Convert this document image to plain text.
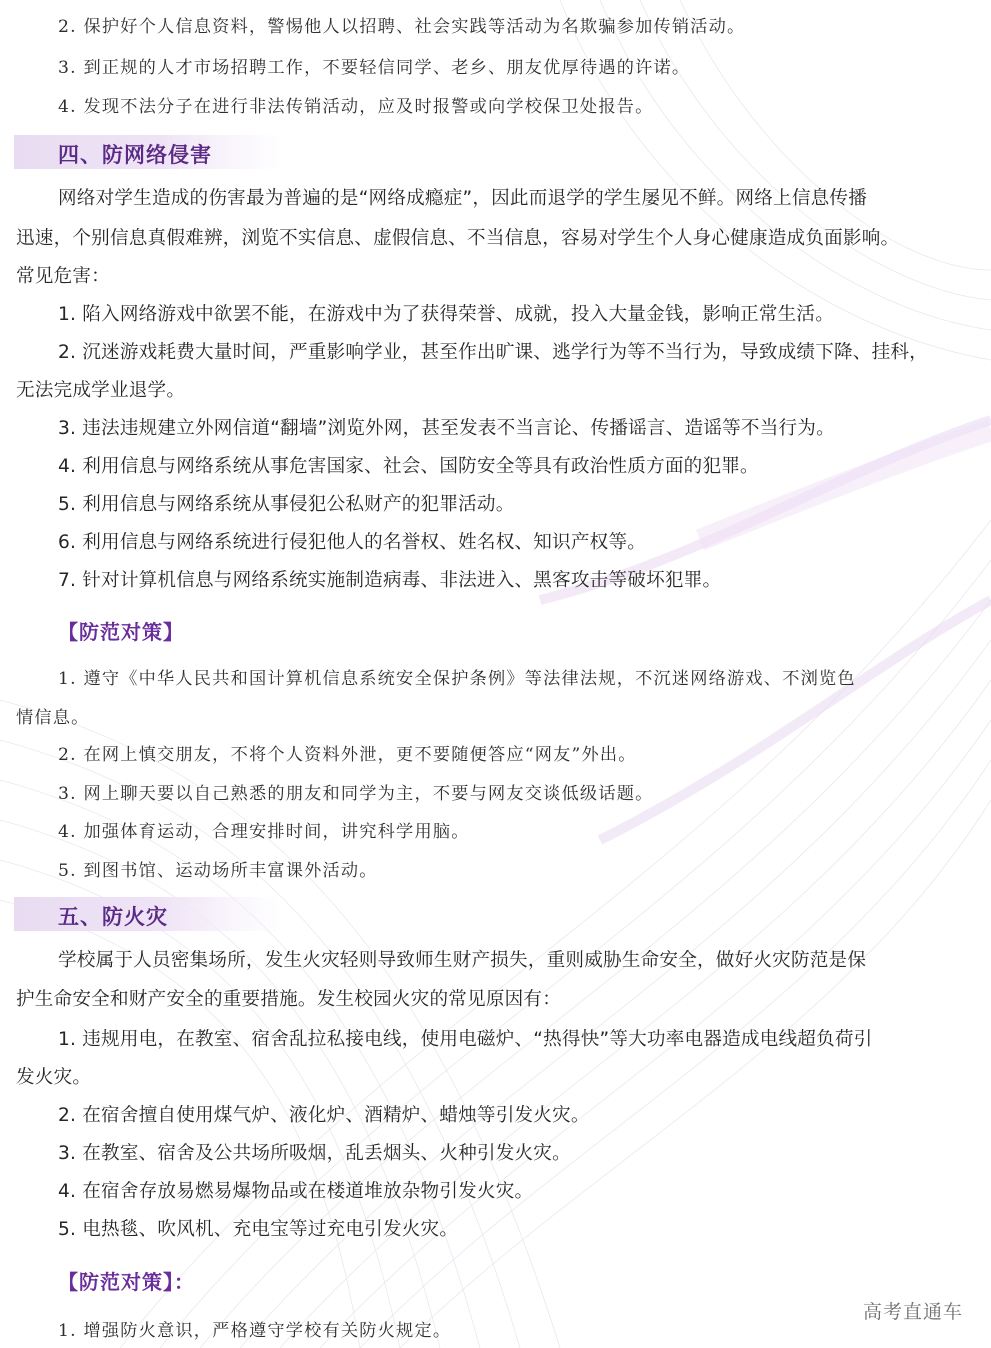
2. 保护好个人信息资料，警惕他人以招聘、社会实践等活动为名欺骗参加传销活动。
3. 到正规的人才市场招聘工作，不要轻信同学、老乡、朋友优厚待遇的许诺。
4. 发现不法分子在进行非法传销活动，应及时报警或向学校保卫处报告。
四、防网络侵害
网络对学生造成的伤害最为普遍的是“网络成瘾症”，因此而退学的学生屡见不鲜。网络上信息传播
迅速，个别信息真假难辨，浏览不实信息、虚假信息、不当信息，容易对学生个人身心健康造成负面影响。
常见危害：
1. 陷入网络游戏中欲罢不能，在游戏中为了获得荣誉、成就，投入大量金钱，影响正常生活。
2. 沉迷游戏耗费大量时间，严重影响学业，甚至作出旷课、逃学行为等不当行为，导致成绩下降、挂科，
无法完成学业退学。
3. 违法违规建立外网信道“翻墙”浏览外网，甚至发表不当言论、传播谣言、造谣等不当行为。
4. 利用信息与网络系统从事危害国家、社会、国防安全等具有政治性质方面的犯罪。
5. 利用信息与网络系统从事侵犯公私财产的犯罪活动。
6. 利用信息与网络系统进行侵犯他人的名誉权、姓名权、知识产权等。
7. 针对计算机信息与网络系统实施制造病毒、非法进入、黑客攻击等破坏犯罪。
【防范对策】
1. 遵守《中华人民共和国计算机信息系统安全保护条例》等法律法规，不沉迷网络游戏、不浏览色
情信息。
2. 在网上慎交朋友，不将个人资料外泄，更不要随便答应“网友”外出。
3. 网上聊天要以自己熟悉的朋友和同学为主，不要与网友交谈低级话题。
4. 加强体育运动，合理安排时间，讲究科学用脑。
5. 到图书馆、运动场所丰富课外活动。
五、防火灾
学校属于人员密集场所，发生火灾轻则导致师生财产损失，重则威胁生命安全，做好火灾防范是保
护生命安全和财产安全的重要措施。发生校园火灾的常见原因有：
1. 违规用电，在教室、宿舍乱拉私接电线，使用电磁炉、“热得快”等大功率电器造成电线超负荷引
发火灾。
2. 在宿舍擅自使用煤气炉、液化炉、酒精炉、蜡烛等引发火灾。
3. 在教室、宿舍及公共场所吸烟，乱丢烟头、火种引发火灾。
4. 在宿舍存放易燃易爆物品或在楼道堆放杂物引发火灾。
5. 电热毯、吹风机、充电宝等过充电引发火灾。
【防范对策】：
1. 增强防火意识，严格遵守学校有关防火规定。
高考直通车
